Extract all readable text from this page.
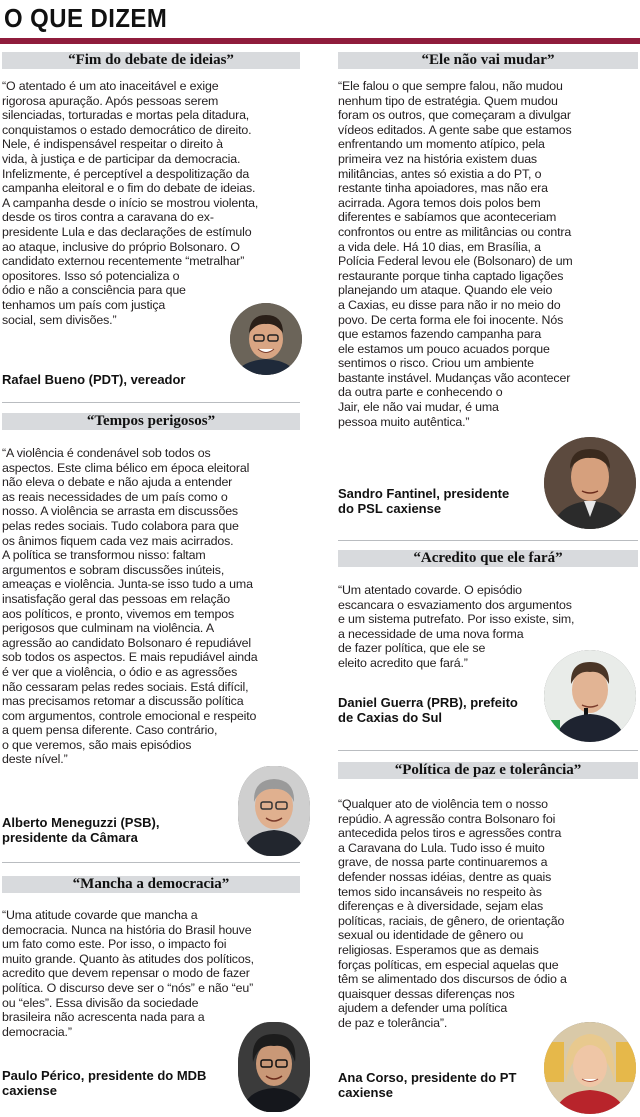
O QUE DIZEM
“Fim do debate de ideias”
“O atentado é um ato inaceitável e exige
rigorosa apuração. Após pessoas serem
silenciadas, torturadas e mortas pela ditadura,
conquistamos o estado democrático de direito.
Nele, é indispensável respeitar o direito à
vida, à justiça e de participar da democracia.
Infelizmente, é perceptível a despolitização da
campanha eleitoral e o fim do debate de ideias.
A campanha desde o início se mostrou violenta,
desde os tiros contra a caravana do ex-
presidente Lula e das declarações de estímulo
ao ataque, inclusive do próprio Bolsonaro. O
candidato externou recentemente “metralhar”
opositores. Isso só potencializa o
ódio e não a consciência para que
tenhamos um país com justiça
social, sem divisões.”
Rafael Bueno (PDT), vereador
“Tempos perigosos”
“A violência é condenável sob todos os
aspectos. Este clima bélico em época eleitoral
não eleva o debate e não ajuda a entender
as reais necessidades de um país como o
nosso. A violência se arrasta em discussões
pelas redes sociais. Tudo colabora para que
os ânimos fiquem cada vez mais acirrados.
A política se transformou nisso: faltam
argumentos e sobram discussões inúteis,
ameaças e violência. Junta-se isso tudo a uma
insatisfação geral das pessoas em relação
aos políticos, e pronto, vivemos em tempos
perigosos que culminam na violência. A
agressão ao candidato Bolsonaro é repudiável
sob todos os aspectos. E mais repudiável ainda
é ver que a violência, o ódio e as agressões
não cessaram pelas redes sociais. Está difícil,
mas precisamos retomar a discussão política
com argumentos, controle emocional e respeito
a quem pensa diferente. Caso contrário,
o que veremos, são mais episódios
deste nível.”
Alberto Meneguzzi (PSB),
presidente da Câmara
“Mancha a democracia”
“Uma atitude covarde que mancha a
democracia. Nunca na história do Brasil houve
um fato como este. Por isso, o impacto foi
muito grande. Quanto às atitudes dos políticos,
acredito que devem repensar o modo de fazer
política. O discurso deve ser o “nós” e não “eu”
ou “eles”. Essa divisão da sociedade
brasileira não acrescenta nada para a
democracia.”
Paulo Périco, presidente do MDB
caxiense
“Ele não vai mudar”
“Ele falou o que sempre falou, não mudou
nenhum tipo de estratégia. Quem mudou
foram os outros, que começaram a divulgar
vídeos editados. A gente sabe que estamos
enfrentando um momento atípico, pela
primeira vez na história existem duas
militâncias, antes só existia a do PT, o
restante tinha apoiadores, mas não era
acirrada. Agora temos dois polos bem
diferentes e sabíamos que aconteceriam
confrontos ou entre as militâncias ou contra
a vida dele. Há 10 dias, em Brasília, a
Polícia Federal levou ele (Bolsonaro) de um
restaurante porque tinha captado ligações
planejando um ataque. Quando ele veio
a Caxias, eu disse para não ir no meio do
povo. De certa forma ele foi inocente. Nós
que estamos fazendo campanha para
ele estamos um pouco acuados porque
sentimos o risco. Criou um ambiente
bastante instável. Mudanças vão acontecer
da outra parte e conhecendo o
Jair, ele não vai mudar, é uma
pessoa muito autêntica.”
Sandro Fantinel, presidente
do PSL caxiense
“Acredito que ele fará”
“Um atentado covarde. O episódio
escancara o esvaziamento dos argumentos
e um sistema putrefato. Por isso existe, sim,
a necessidade de uma nova forma
de fazer política, que ele se
eleito acredito que fará.”
Daniel Guerra (PRB), prefeito
de Caxias do Sul
“Política de paz e tolerância”
“Qualquer ato de violência tem o nosso
repúdio. A agressão contra Bolsonaro foi
antecedida pelos tiros e agressões contra
a Caravana do Lula. Tudo isso é muito
grave, de nossa parte continuaremos a
defender nossas idéias, dentre as quais
temos sido incansáveis no respeito às
diferenças e à diversidade, sejam elas
políticas, raciais, de gênero, de orientação
sexual ou identidade de gênero ou
religiosas. Esperamos que as demais
forças políticas, em especial aquelas que
têm se alimentado dos discursos de ódio a
quaisquer dessas diferenças nos
ajudem a defender uma política
de paz e tolerância”.
Ana Corso, presidente do PT
caxiense
